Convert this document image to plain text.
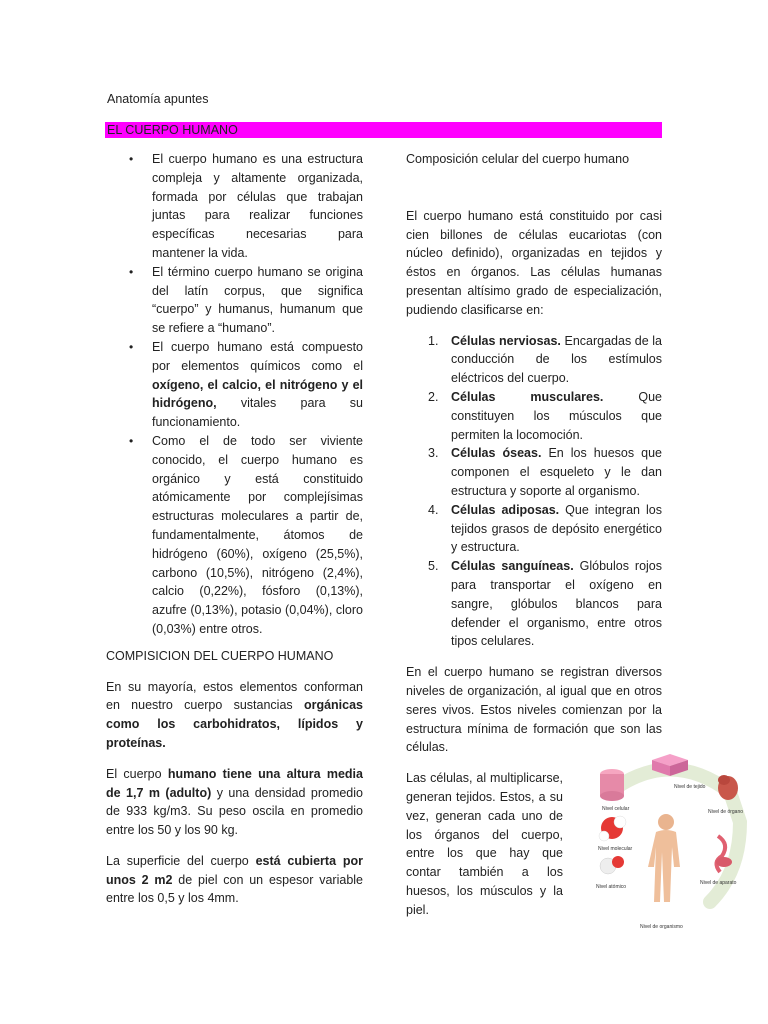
Anatomía apuntes
EL CUERPO HUMANO
• El cuerpo humano es una estructura compleja y altamente organizada, formada por células que trabajan juntas para realizar funciones específicas necesarias para mantener la vida.
• El término cuerpo humano se origina del latín corpus, que significa “cuerpo” y humanus, humanum que se refiere a “humano”.
• El cuerpo humano está compuesto por elementos químicos como el oxígeno, el calcio, el nitrógeno y el hidrógeno, vitales para su funcionamiento.
• Como el de todo ser viviente conocido, el cuerpo humano es orgánico y está constituido atómicamente por complejísimas estructuras moleculares a partir de, fundamentalmente, átomos de hidrógeno (60%), oxígeno (25,5%), carbono (10,5%), nitrógeno (2,4%), calcio (0,22%), fósforo (0,13%), azufre (0,13%), potasio (0,04%), cloro (0,03%) entre otros.

COMPISICION DEL CUERPO HUMANO

En su mayoría, estos elementos conforman en nuestro cuerpo sustancias orgánicas como los carbohidratos, lípidos y proteínas.

El cuerpo humano tiene una altura media de 1,7 m (adulto) y una densidad promedio de 933 kg/m3. Su peso oscila en promedio entre los 50 y los 90 kg.

La superficie del cuerpo está cubierta por unos 2 m2 de piel con un espesor variable entre los 0,5 y los 4mm.

Composición celular del cuerpo humano

El cuerpo humano está constituido por casi cien billones de células eucariotas (con núcleo definido), organizadas en tejidos y éstos en órganos. Las células humanas presentan altísimo grado de especialización, pudiendo clasificarse en:

1. Células nerviosas. Encargadas de la conducción de los estímulos eléctricos del cuerpo.
2. Células musculares. Que constituyen los músculos que permiten la locomoción.
3. Células óseas. En los huesos que componen el esqueleto y le dan estructura y soporte al organismo.
4. Células adiposas. Que integran los tejidos grasos de depósito energético y estructura.
5. Células sanguíneas. Glóbulos rojos para transportar el oxígeno en sangre, glóbulos blancos para defender el organismo, entre otros tipos celulares.

En el cuerpo humano se registran diversos niveles de organización, al igual que en otros seres vivos. Estos niveles comienzan por la estructura mínima de formación que son las células.

Las células, al multiplicarse, generan tejidos. Estos, a su vez, generan cada uno de los órganos del cuerpo, entre los que hay que contar también a los huesos, los músculos y la piel.

Nivel celular
Nivel de tejido
Nivel de órgano
Nivel molecular
Nivel atómico
Nivel de organismo
Nivel de aparato
